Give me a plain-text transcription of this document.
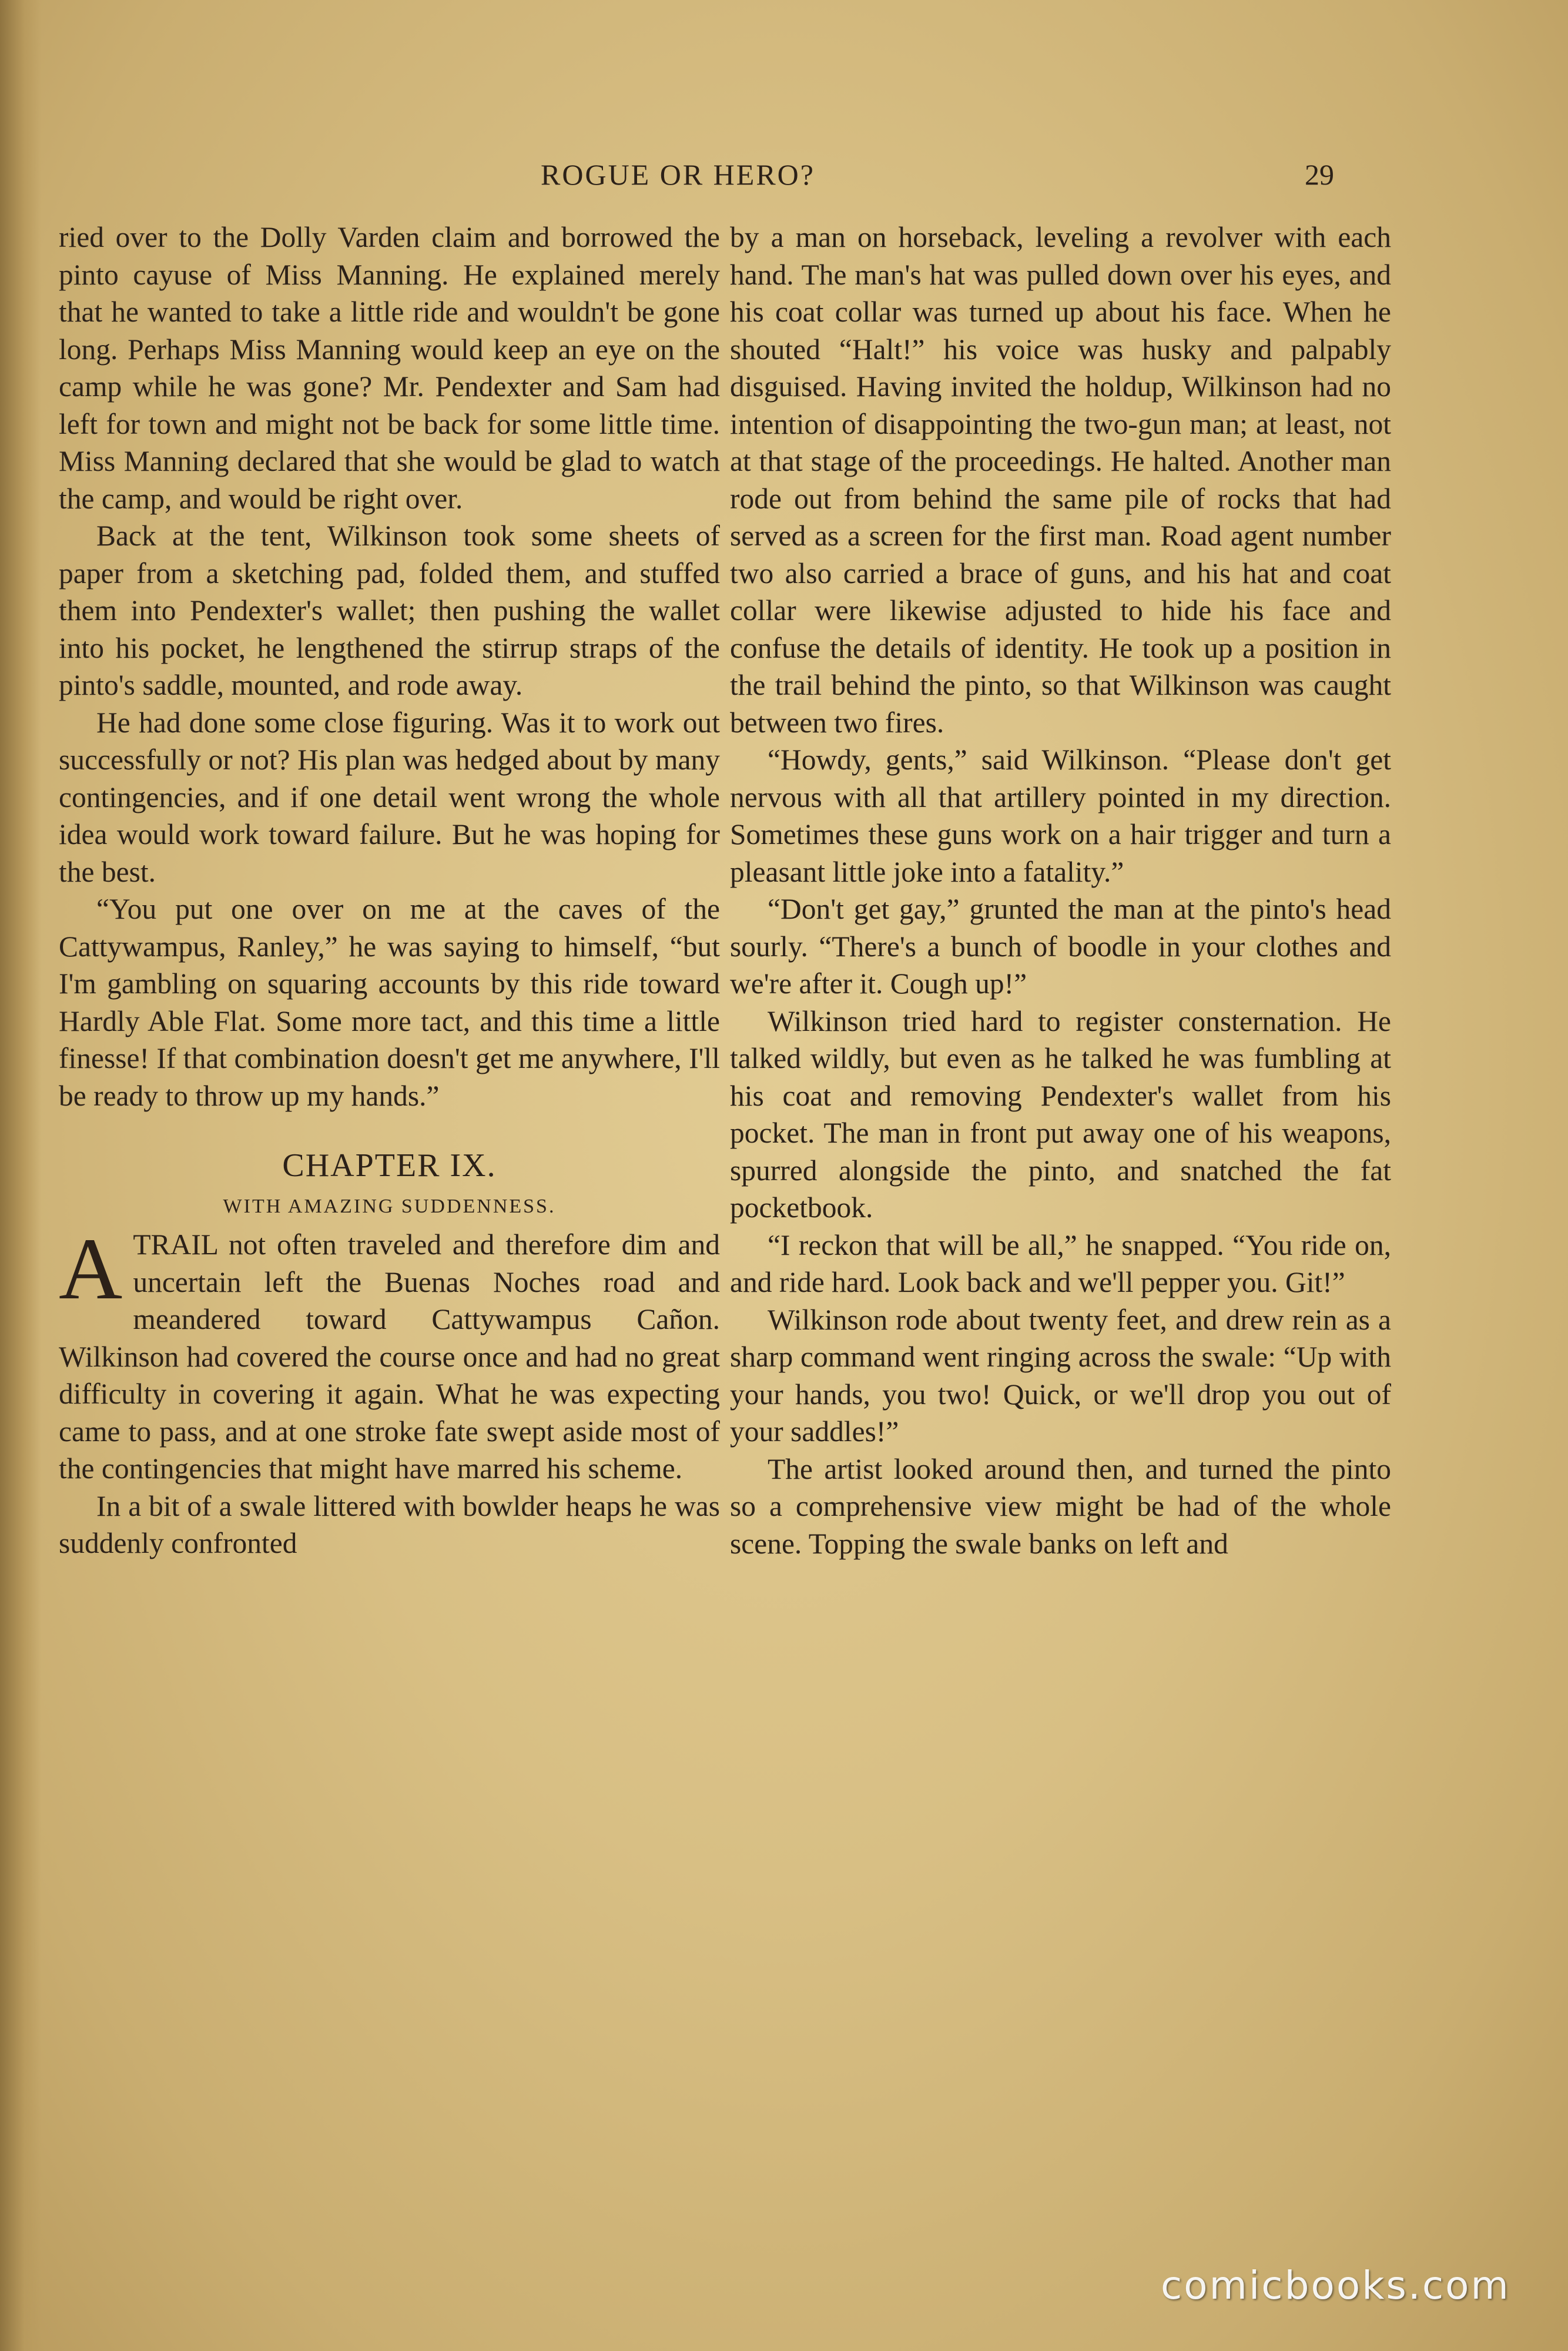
ROGUE OR HERO?	29

ried over to the Dolly Varden claim and borrowed the pinto cayuse of Miss Manning. He explained merely that he wanted to take a little ride and wouldn't be gone long. Perhaps Miss Manning would keep an eye on the camp while he was gone? Mr. Pendexter and Sam had left for town and might not be back for some little time. Miss Manning declared that she would be glad to watch the camp, and would be right over.

Back at the tent, Wilkinson took some sheets of paper from a sketching pad, folded them, and stuffed them into Pendexter's wallet; then pushing the wallet into his pocket, he lengthened the stirrup straps of the pinto's saddle, mounted, and rode away.

He had done some close figuring. Was it to work out successfully or not? His plan was hedged about by many contingencies, and if one detail went wrong the whole idea would work toward failure. But he was hoping for the best.

“You put one over on me at the caves of the Cattywampus, Ranley,” he was saying to himself, “but I'm gambling on squaring accounts by this ride toward Hardly Able Flat. Some more tact, and this time a little finesse! If that combination doesn't get me anywhere, I'll be ready to throw up my hands.”

CHAPTER IX.
WITH AMAZING SUDDENNESS.
A TRAIL not often traveled and therefore dim and uncertain left the Buenas Noches road and meandered toward Cattywampus Cañon. Wilkinson had covered the course once and had no great difficulty in covering it again. What he was expecting came to pass, and at one stroke fate swept aside most of the contingencies that might have marred his scheme.

In a bit of a swale littered with bowlder heaps he was suddenly confronted

by a man on horseback, leveling a revolver with each hand. The man's hat was pulled down over his eyes, and his coat collar was turned up about his face. When he shouted “Halt!” his voice was husky and palpably disguised. Having invited the holdup, Wilkinson had no intention of disappointing the two-gun man; at least, not at that stage of the proceedings. He halted. Another man rode out from behind the same pile of rocks that had served as a screen for the first man. Road agent number two also carried a brace of guns, and his hat and coat collar were likewise adjusted to hide his face and confuse the details of identity. He took up a position in the trail behind the pinto, so that Wilkinson was caught between two fires.

“Howdy, gents,” said Wilkinson. “Please don't get nervous with all that artillery pointed in my direction. Sometimes these guns work on a hair trigger and turn a pleasant little joke into a fatality.”

“Don't get gay,” grunted the man at the pinto's head sourly. “There's a bunch of boodle in your clothes and we're after it. Cough up!”

Wilkinson tried hard to register consternation. He talked wildly, but even as he talked he was fumbling at his coat and removing Pendexter's wallet from his pocket. The man in front put away one of his weapons, spurred alongside the pinto, and snatched the fat pocketbook.

“I reckon that will be all,” he snapped. “You ride on, and ride hard. Look back and we'll pepper you. Git!”

Wilkinson rode about twenty feet, and drew rein as a sharp command went ringing across the swale: “Up with your hands, you two! Quick, or we'll drop you out of your saddles!”

The artist looked around then, and turned the pinto so a comprehensive view might be had of the whole scene. Topping the swale banks on left and

comicbooks.com
